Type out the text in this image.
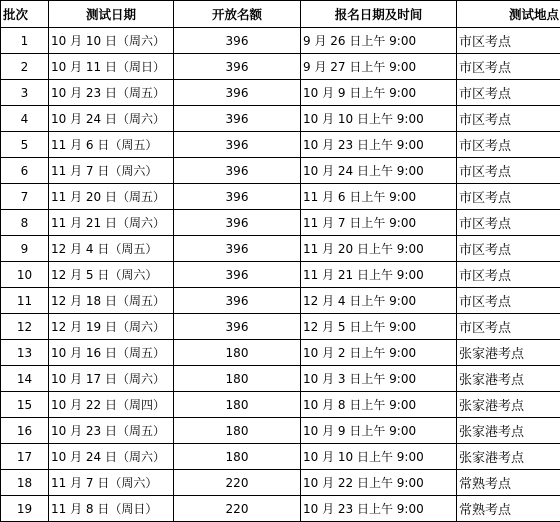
批次	测试日期	开放名额	报名日期及时间	测试地点
1	10 月 10 日（周六）	396	9 月 26 日上午 9:00	市区考点
2	10 月 11 日（周日）	396	9 月 27 日上午 9:00	市区考点
3	10 月 23 日（周五）	396	10 月 9 日上午 9:00	市区考点
4	10 月 24 日（周六）	396	10 月 10 日上午 9:00	市区考点
5	11 月 6 日（周五）	396	10 月 23 日上午 9:00	市区考点
6	11 月 7 日（周六）	396	10 月 24 日上午 9:00	市区考点
7	11 月 20 日（周五）	396	11 月 6 日上午 9:00	市区考点
8	11 月 21 日（周六）	396	11 月 7 日上午 9:00	市区考点
9	12 月 4 日（周五）	396	11 月 20 日上午 9:00	市区考点
10	12 月 5 日（周六）	396	11 月 21 日上午 9:00	市区考点
11	12 月 18 日（周五）	396	12 月 4 日上午 9:00	市区考点
12	12 月 19 日（周六）	396	12 月 5 日上午 9:00	市区考点
13	10 月 16 日（周五）	180	10 月 2 日上午 9:00	张家港考点
14	10 月 17 日（周六）	180	10 月 3 日上午 9:00	张家港考点
15	10 月 22 日（周四）	180	10 月 8 日上午 9:00	张家港考点
16	10 月 23 日（周五）	180	10 月 9 日上午 9:00	张家港考点
17	10 月 24 日（周六）	180	10 月 10 日上午 9:00	张家港考点
18	11 月 7 日（周六）	220	10 月 22 日上午 9:00	常熟考点
19	11 月 8 日（周日）	220	10 月 23 日上午 9:00	常熟考点
